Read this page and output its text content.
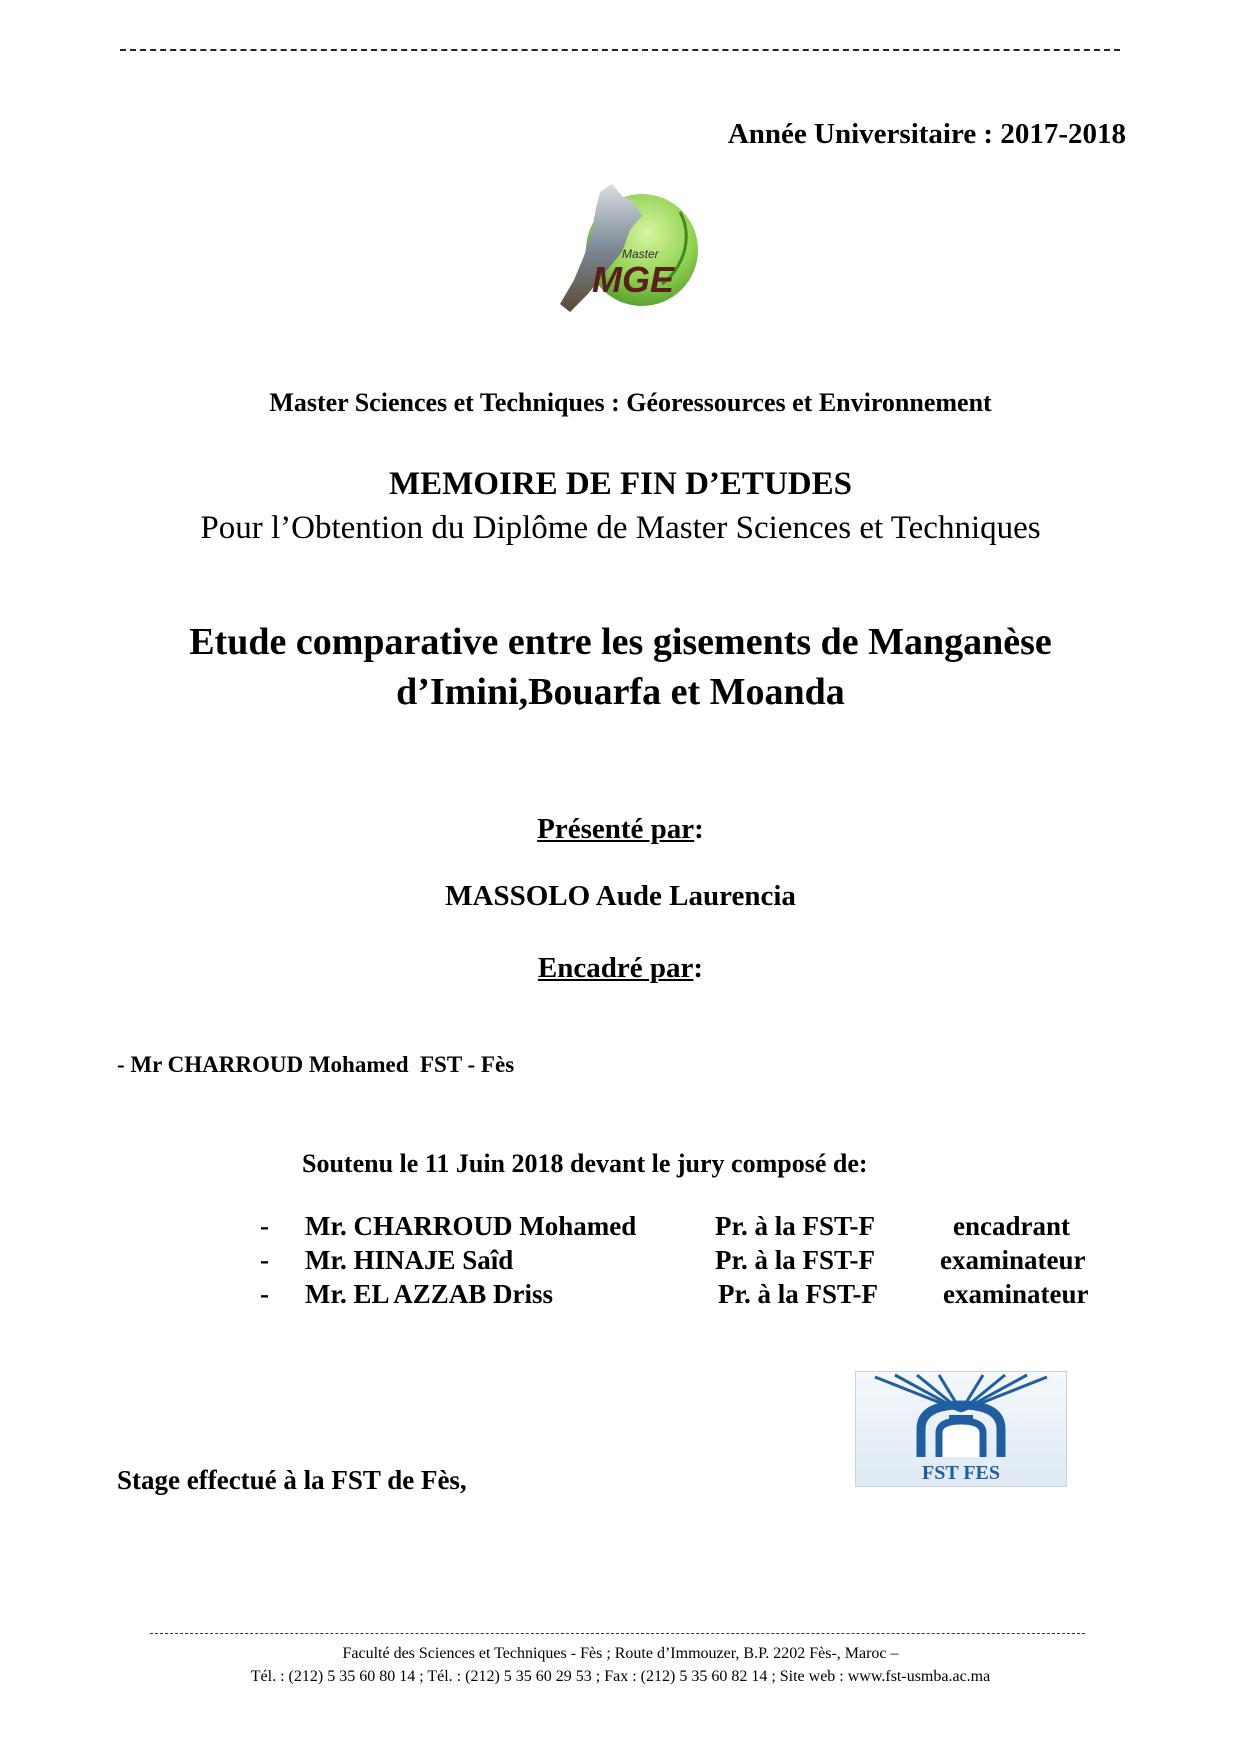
Année Universitaire : 2017-2018
Master
MGE
Master Sciences et Techniques : Géoressources et Environnement
MEMOIRE DE FIN D’ETUDES
Pour l’Obtention du Diplôme de Master Sciences et Techniques
Etude comparative entre les gisements de Manganèse
d’Imini,Bouarfa et Moanda
Présenté par:
MASSOLO Aude Laurencia
Encadré par:
- Mr CHARROUD Mohamed  FST - Fès
Soutenu le 11 Juin 2018 devant le jury composé de:
- Mr. CHARROUD Mohamed	Pr. à la FST-F	encadrant
- Mr. HINAJE Saîd	Pr. à la FST-F examinateur
- Mr. EL AZZAB Driss	Pr. à la FST-F examinateur
FST FES
Stage effectué à la FST de Fès,
Faculté des Sciences et Techniques - Fès ; Route d’Immouzer, B.P. 2202 Fès-, Maroc –
Tél. : (212) 5 35 60 80 14 ; Tél. : (212) 5 35 60 29 53 ; Fax : (212) 5 35 60 82 14 ; Site web : www.fst-usmba.ac.ma
